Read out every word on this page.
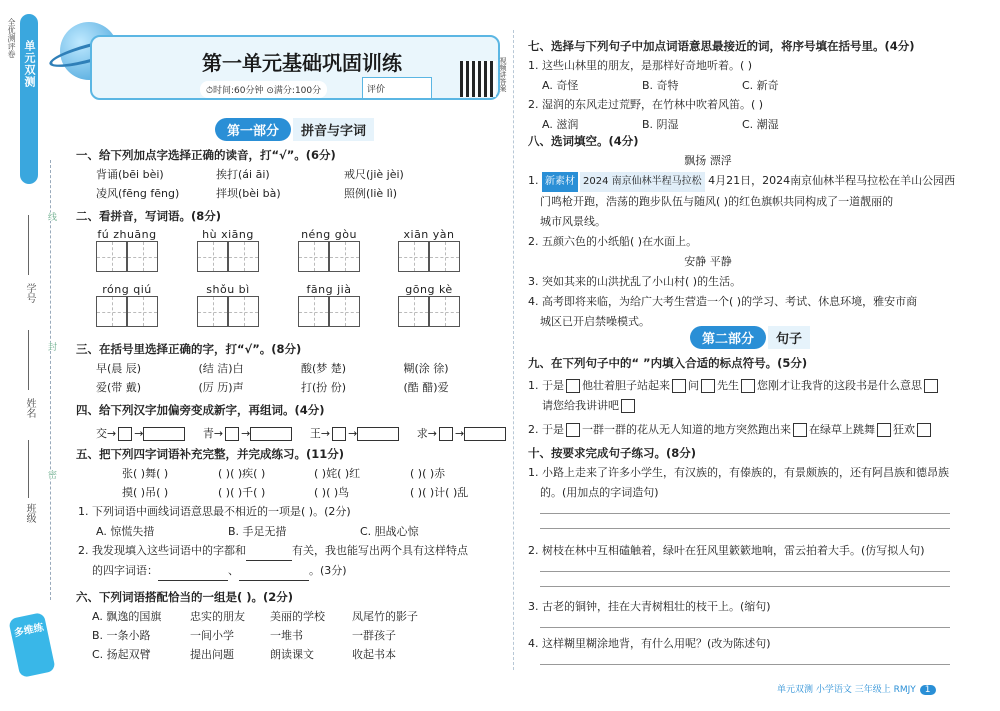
单元双测
全优测评卷
线
封
密
学号
姓名
班级
多维练
第一单元基础巩固训练
⏱时间:60分钟 ⊙满分:100分	评价	视频讲答案
第一部分 拼音与字词
一、给下列加点字选择正确的读音，打“√”。(6分)
背诵(bēi bèi)	挨打(ái āi)	戒尺(jiè jèi)
凌风(fēng fēng)	拌坝(bèi bà)	照例(liè lì)
二、看拼音，写词语。(8分)
fú zhuāng	hù xiāng	néng gòu	xiān yàn
róng qiú	shǒu bì	fāng jià	gōng kè
三、在括号里选择正确的字，打“√”。(8分)
早(晨 辰)	(结 洁)白	酸(梦 楚)	糊(涂 徐)
爱(带 戴)	(厉 历)声	打(扮 份)	(酷 醋)爱
四、给下列汉字加偏旁变成新字，再组词。(4分)
交→ →	青→ →	王→ →	求→ →
五、把下列四字词语补充完整，并完成练习。(11分)
张( )舞( )	( )( )疾( )	( )姹( )红	( )( )赤
摸( )吊( )	( )( )千( )	( )( )鸟	( )( )计( )乱
1. 下列词语中画线词语意思最不相近的一项是( )。(2分)
A. 惊慌失措	B. 手足无措	C. 胆战心惊
2. 我发现填入这些词语中的字都和	有关，我也能写出两个具有这样特点
的四字词语：	、	。(3分)
六、下列词语搭配恰当的一组是( )。(2分)
A. 飘逸的国旗	忠实的朋友	美丽的学校	凤尾竹的影子
B. 一条小路	一间小学	一堆书	一群孩子
C. 扬起双臂	提出问题	朗读课文	收起书本
七、选择与下列句子中加点词语意思最接近的词，将序号填在括号里。(4分)
1. 这些山林里的朋友，是那样好奇地听着。( )
A. 奇怪	B. 奇特	C. 新奇
2. 湿润的东风走过荒野，在竹林中吹着风笛。( )
A. 滋润	B. 阴湿	C. 潮湿
八、选词填空。(4分)
飘扬 漂浮
1. 新素材 2024 南京仙林半程马拉松 4月21日，2024南京仙林半程马拉松在羊山公园西
门鸣枪开跑，浩荡的跑步队伍与随风( )的红色旗帜共同构成了一道靓丽的
城市风景线。
2. 五颜六色的小纸船( )在水面上。
安静 平静
3. 突如其来的山洪扰乱了小山村( )的生活。
4. 高考即将来临，为给广大考生营造一个( )的学习、考试、休息环境，雅安市商
城区已开启禁噪模式。
第二部分 句子
九、在下列句子中的“ ”内填入合适的标点符号。(5分)
1. 于是 他壮着胆子站起来 问 先生 您刚才让我背的这段书是什么意思
请您给我讲讲吧
2. 于是 一群一群的花从无人知道的地方突然跑出来 在绿草上跳舞 狂欢
十、按要求完成句子练习。(8分)
1. 小路上走来了许多小学生，有汉族的，有傣族的，有景颇族的，还有阿昌族和德昂族
的。(用加点的字词造句)
2. 树枝在林中互相磕触着，绿叶在狂风里簌簌地响，雷云拍着大手。(仿写拟人句)
3. 古老的铜钟，挂在大青树粗壮的枝干上。(缩句)
4. 这样糊里糊涂地背，有什么用呢？(改为陈述句)
单元双测 小学语文 三年级上 RMJY 1
